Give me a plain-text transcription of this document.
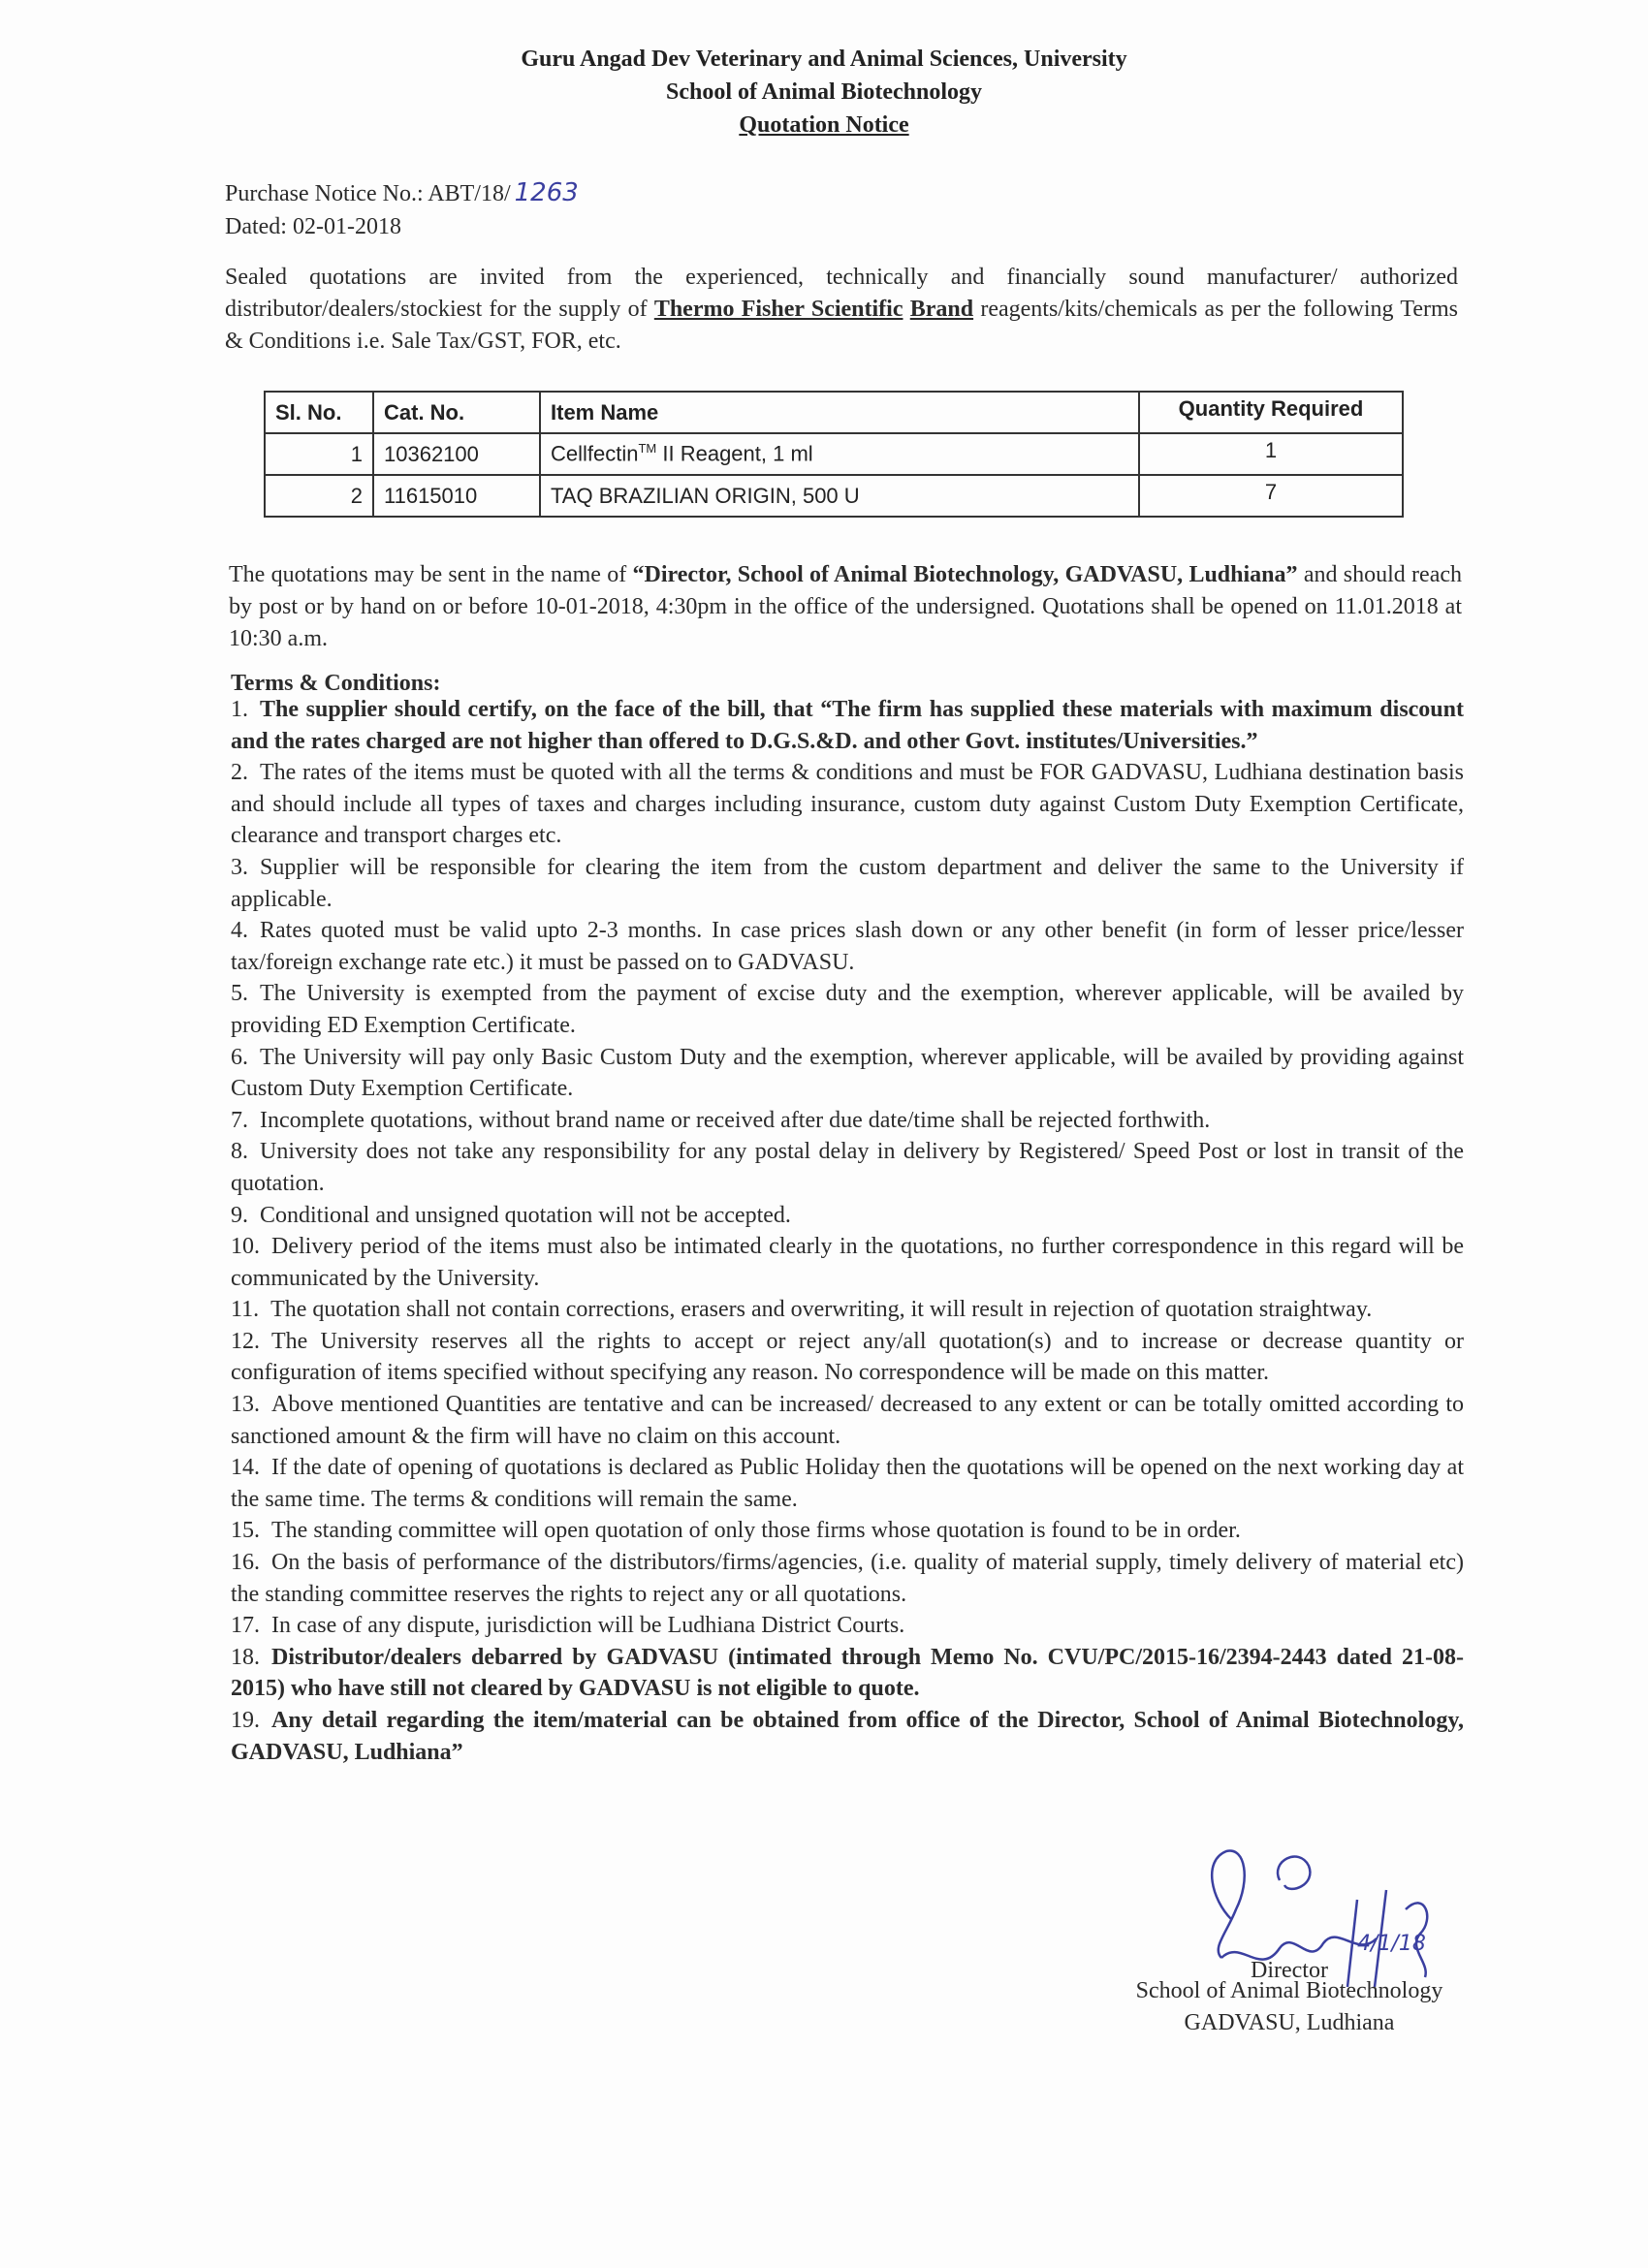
Guru Angad Dev Veterinary and Animal Sciences, University
School of Animal Biotechnology
Quotation Notice
Purchase Notice No.: ABT/18/ 1263
Dated: 02-01-2018
Sealed quotations are invited from the experienced, technically and financially sound manufacturer/ authorized distributor/dealers/stockiest for the supply of Thermo Fisher Scientific Brand reagents/kits/chemicals as per the following Terms & Conditions i.e. Sale Tax/GST, FOR, etc.
Sl. No.	Cat. No.	Item Name	Quantity Required
1	10362100	Cellfectin™ II Reagent, 1 ml	1
2	11615010	TAQ BRAZILIAN ORIGIN, 500 U	7
The quotations may be sent in the name of “Director, School of Animal Biotechnology, GADVASU, Ludhiana” and should reach by post or by hand on or before 10-01-2018, 4:30pm in the office of the undersigned. Quotations shall be opened on 11.01.2018 at 10:30 a.m.
Terms & Conditions:

1. The supplier should certify, on the face of the bill, that “The firm has supplied these materials with maximum discount and the rates charged are not higher than offered to D.G.S.&D. and other Govt. institutes/Universities.”

2. The rates of the items must be quoted with all the terms & conditions and must be FOR GADVASU, Ludhiana destination basis and should include all types of taxes and charges including insurance, custom duty against Custom Duty Exemption Certificate, clearance and transport charges etc.

3. Supplier will be responsible for clearing the item from the custom department and deliver the same to the University if applicable.

4. Rates quoted must be valid upto 2-3 months. In case prices slash down or any other benefit (in form of lesser price/lesser tax/foreign exchange rate etc.) it must be passed on to GADVASU.

5. The University is exempted from the payment of excise duty and the exemption, wherever applicable, will be availed by providing ED Exemption Certificate.

6. The University will pay only Basic Custom Duty and the exemption, wherever applicable, will be availed by providing against Custom Duty Exemption Certificate.

7. Incomplete quotations, without brand name or received after due date/time shall be rejected forthwith.

8. University does not take any responsibility for any postal delay in delivery by Registered/ Speed Post or lost in transit of the quotation.

9. Conditional and unsigned quotation will not be accepted.

10. Delivery period of the items must also be intimated clearly in the quotations, no further correspondence in this regard will be communicated by the University.

11. The quotation shall not contain corrections, erasers and overwriting, it will result in rejection of quotation straightway.

12. The University reserves all the rights to accept or reject any/all quotation(s) and to increase or decrease quantity or configuration of items specified without specifying any reason. No correspondence will be made on this matter.

13. Above mentioned Quantities are tentative and can be increased/ decreased to any extent or can be totally omitted according to sanctioned amount & the firm will have no claim on this account.

14. If the date of opening of quotations is declared as Public Holiday then the quotations will be opened on the next working day at the same time. The terms & conditions will remain the same.

15. The standing committee will open quotation of only those firms whose quotation is found to be in order.

16. On the basis of performance of the distributors/firms/agencies, (i.e. quality of material supply, timely delivery of material etc) the standing committee reserves the rights to reject any or all quotations.

17. In case of any dispute, jurisdiction will be Ludhiana District Courts.

18. Distributor/dealers debarred by GADVASU (intimated through Memo No. CVU/PC/2015-16/2394-2443 dated 21-08-2015) who have still not cleared by GADVASU is not eligible to quote.

19. Any detail regarding the item/material can be obtained from office of the Director, School of Animal Biotechnology, GADVASU, Ludhiana”

Director
4/1/18
School of Animal Biotechnology
GADVASU, Ludhiana
